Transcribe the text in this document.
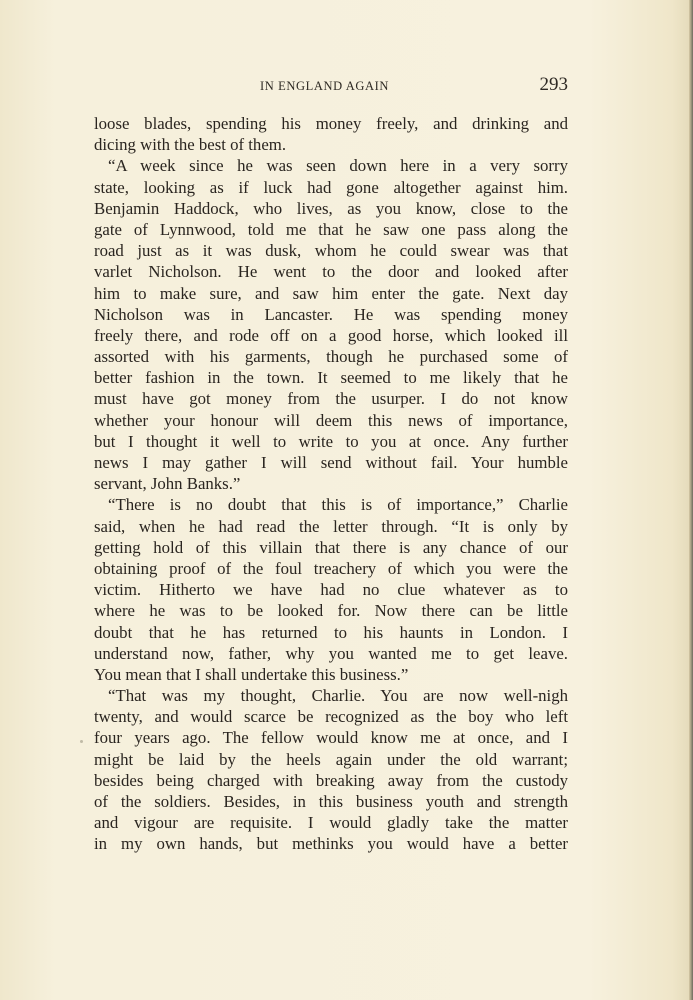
IN ENGLAND AGAIN	293
loose blades, spending his money freely, and drinking and
dicing with the best of them.
“A week since he was seen down here in a very sorry
state, looking as if luck had gone altogether against him.
Benjamin Haddock, who lives, as you know, close to the
gate of Lynnwood, told me that he saw one pass along the
road just as it was dusk, whom he could swear was that
varlet Nicholson. He went to the door and looked after
him to make sure, and saw him enter the gate. Next day
Nicholson was in Lancaster. He was spending money
freely there, and rode off on a good horse, which looked ill
assorted with his garments, though he purchased some of
better fashion in the town. It seemed to me likely that he
must have got money from the usurper. I do not know
whether your honour will deem this news of importance,
but I thought it well to write to you at once. Any further
news I may gather I will send without fail. Your humble
servant, John Banks.”
“There is no doubt that this is of importance,” Charlie
said, when he had read the letter through. “It is only by
getting hold of this villain that there is any chance of our
obtaining proof of the foul treachery of which you were the
victim. Hitherto we have had no clue whatever as to
where he was to be looked for. Now there can be little
doubt that he has returned to his haunts in London. I
understand now, father, why you wanted me to get leave.
You mean that I shall undertake this business.”
“That was my thought, Charlie. You are now well-nigh
twenty, and would scarce be recognized as the boy who left
four years ago. The fellow would know me at once, and I
might be laid by the heels again under the old warrant;
besides being charged with breaking away from the custody
of the soldiers. Besides, in this business youth and strength
and vigour are requisite. I would gladly take the matter
in my own hands, but methinks you would have a better
